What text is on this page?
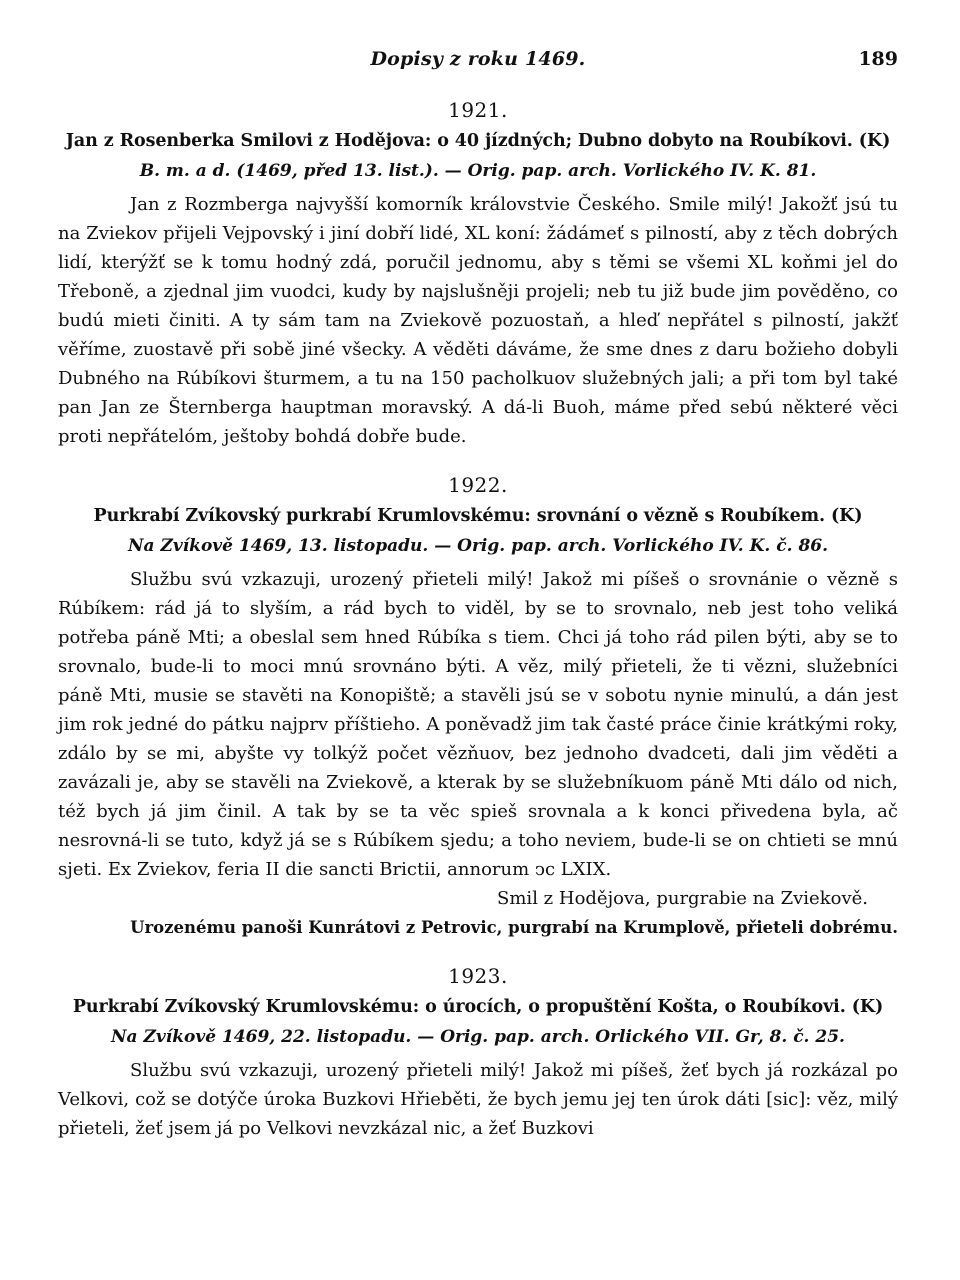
Dopisy z roku 1469.	189
1921.
Jan z Rosenberka Smilovi z Hodějova: o 40 jízdných; Dubno dobyto na Roubíkovi. (K)
B. m. a d. (1469, před 13. list.). — Orig. pap. arch. Vorlického IV. K. 81.

Jan z Rozmberga najvyšší komorník královstvie Českého. Smile milý! Jakožť jsú tu na Zviekov přijeli Vejpovský i jiní dobří lidé, XL koní: žádámeť s pilností, aby z těch dobrých lidí, kterýžť se k tomu hodný zdá, poručil jednomu, aby s těmi se všemi XL koňmi jel do Třeboně, a zjednal jim vuodci, kudy by najslušněji projeli; neb tu již bude jim pověděno, co budú mieti činiti. A ty sám tam na Zviekově pozuostaň, a hleď nepřátel s pilností, jakžť věříme, zuostavě při sobě jiné všecky. A věděti dáváme, že sme dnes z daru božieho dobyli Dubného na Rúbíkovi šturmem, a tu na 150 pacholkuov služebných jali; a při tom byl také pan Jan ze Šternberga hauptman moravský. A dá-li Buoh, máme před sebú některé věci proti nepřátelóm, ještoby bohdá dobře bude.

1922.
Purkrabí Zvíkovský purkrabí Krumlovskému: srovnání o vězně s Roubíkem. (K)
Na Zvíkově 1469, 13. listopadu. — Orig. pap. arch. Vorlického IV. K. č. 86.

Službu svú vzkazuji, urozený přieteli milý! Jakož mi píšeš o srovnánie o vězně s Rúbíkem: rád já to slyším, a rád bych to viděl, by se to srovnalo, neb jest toho veliká potřeba páně Mti; a obeslal sem hned Rúbíka s tiem. Chci já toho rád pilen býti, aby se to srovnalo, bude-li to moci mnú srovnáno býti. A věz, milý přieteli, že ti vězni, služebníci páně Mti, musie se stavěti na Konopiště; a stavěli jsú se v sobotu nynie minulú, a dán jest jim rok jedné do pátku najprv příštieho. A poněvadž jim tak časté práce činie krátkými roky, zdálo by se mi, abyšte vy tolkýž počet vězňuov, bez jednoho dvadceti, dali jim věděti a zavázali je, aby se stavěli na Zviekově, a kterak by se služebníkuom páně Mti dálo od nich, též bych já jim činil. A tak by se ta věc spieš srovnala a k konci přivedena byla, ač nesrovná-li se tuto, když já se s Rúbíkem sjedu; a toho neviem, bude-li se on chtieti se mnú sjeti. Ex Zviekov, feria II die sancti Brictii, annorum ↄc LXIX.

Smil z Hodějova, purgrabie na Zviekově.
Urozenému panoši Kunrátovi z Petrovic, purgrabí na Krumplově, přieteli dobrému.
1923.
Purkrabí Zvíkovský Krumlovskému: o úrocích, o propuštění Košta, o Roubíkovi. (K)
Na Zvíkově 1469, 22. listopadu. — Orig. pap. arch. Orlického VII. Gr, 8. č. 25.

Službu svú vzkazuji, urozený přieteli milý! Jakož mi píšeš, žeť bych já rozkázal po Velkovi, což se dotýče úroka Buzkovi Hřieběti, že bych jemu jej ten úrok dáti [sic]: věz, milý přieteli, žeť jsem já po Velkovi nevzkázal nic, a žeť Buzkovi
